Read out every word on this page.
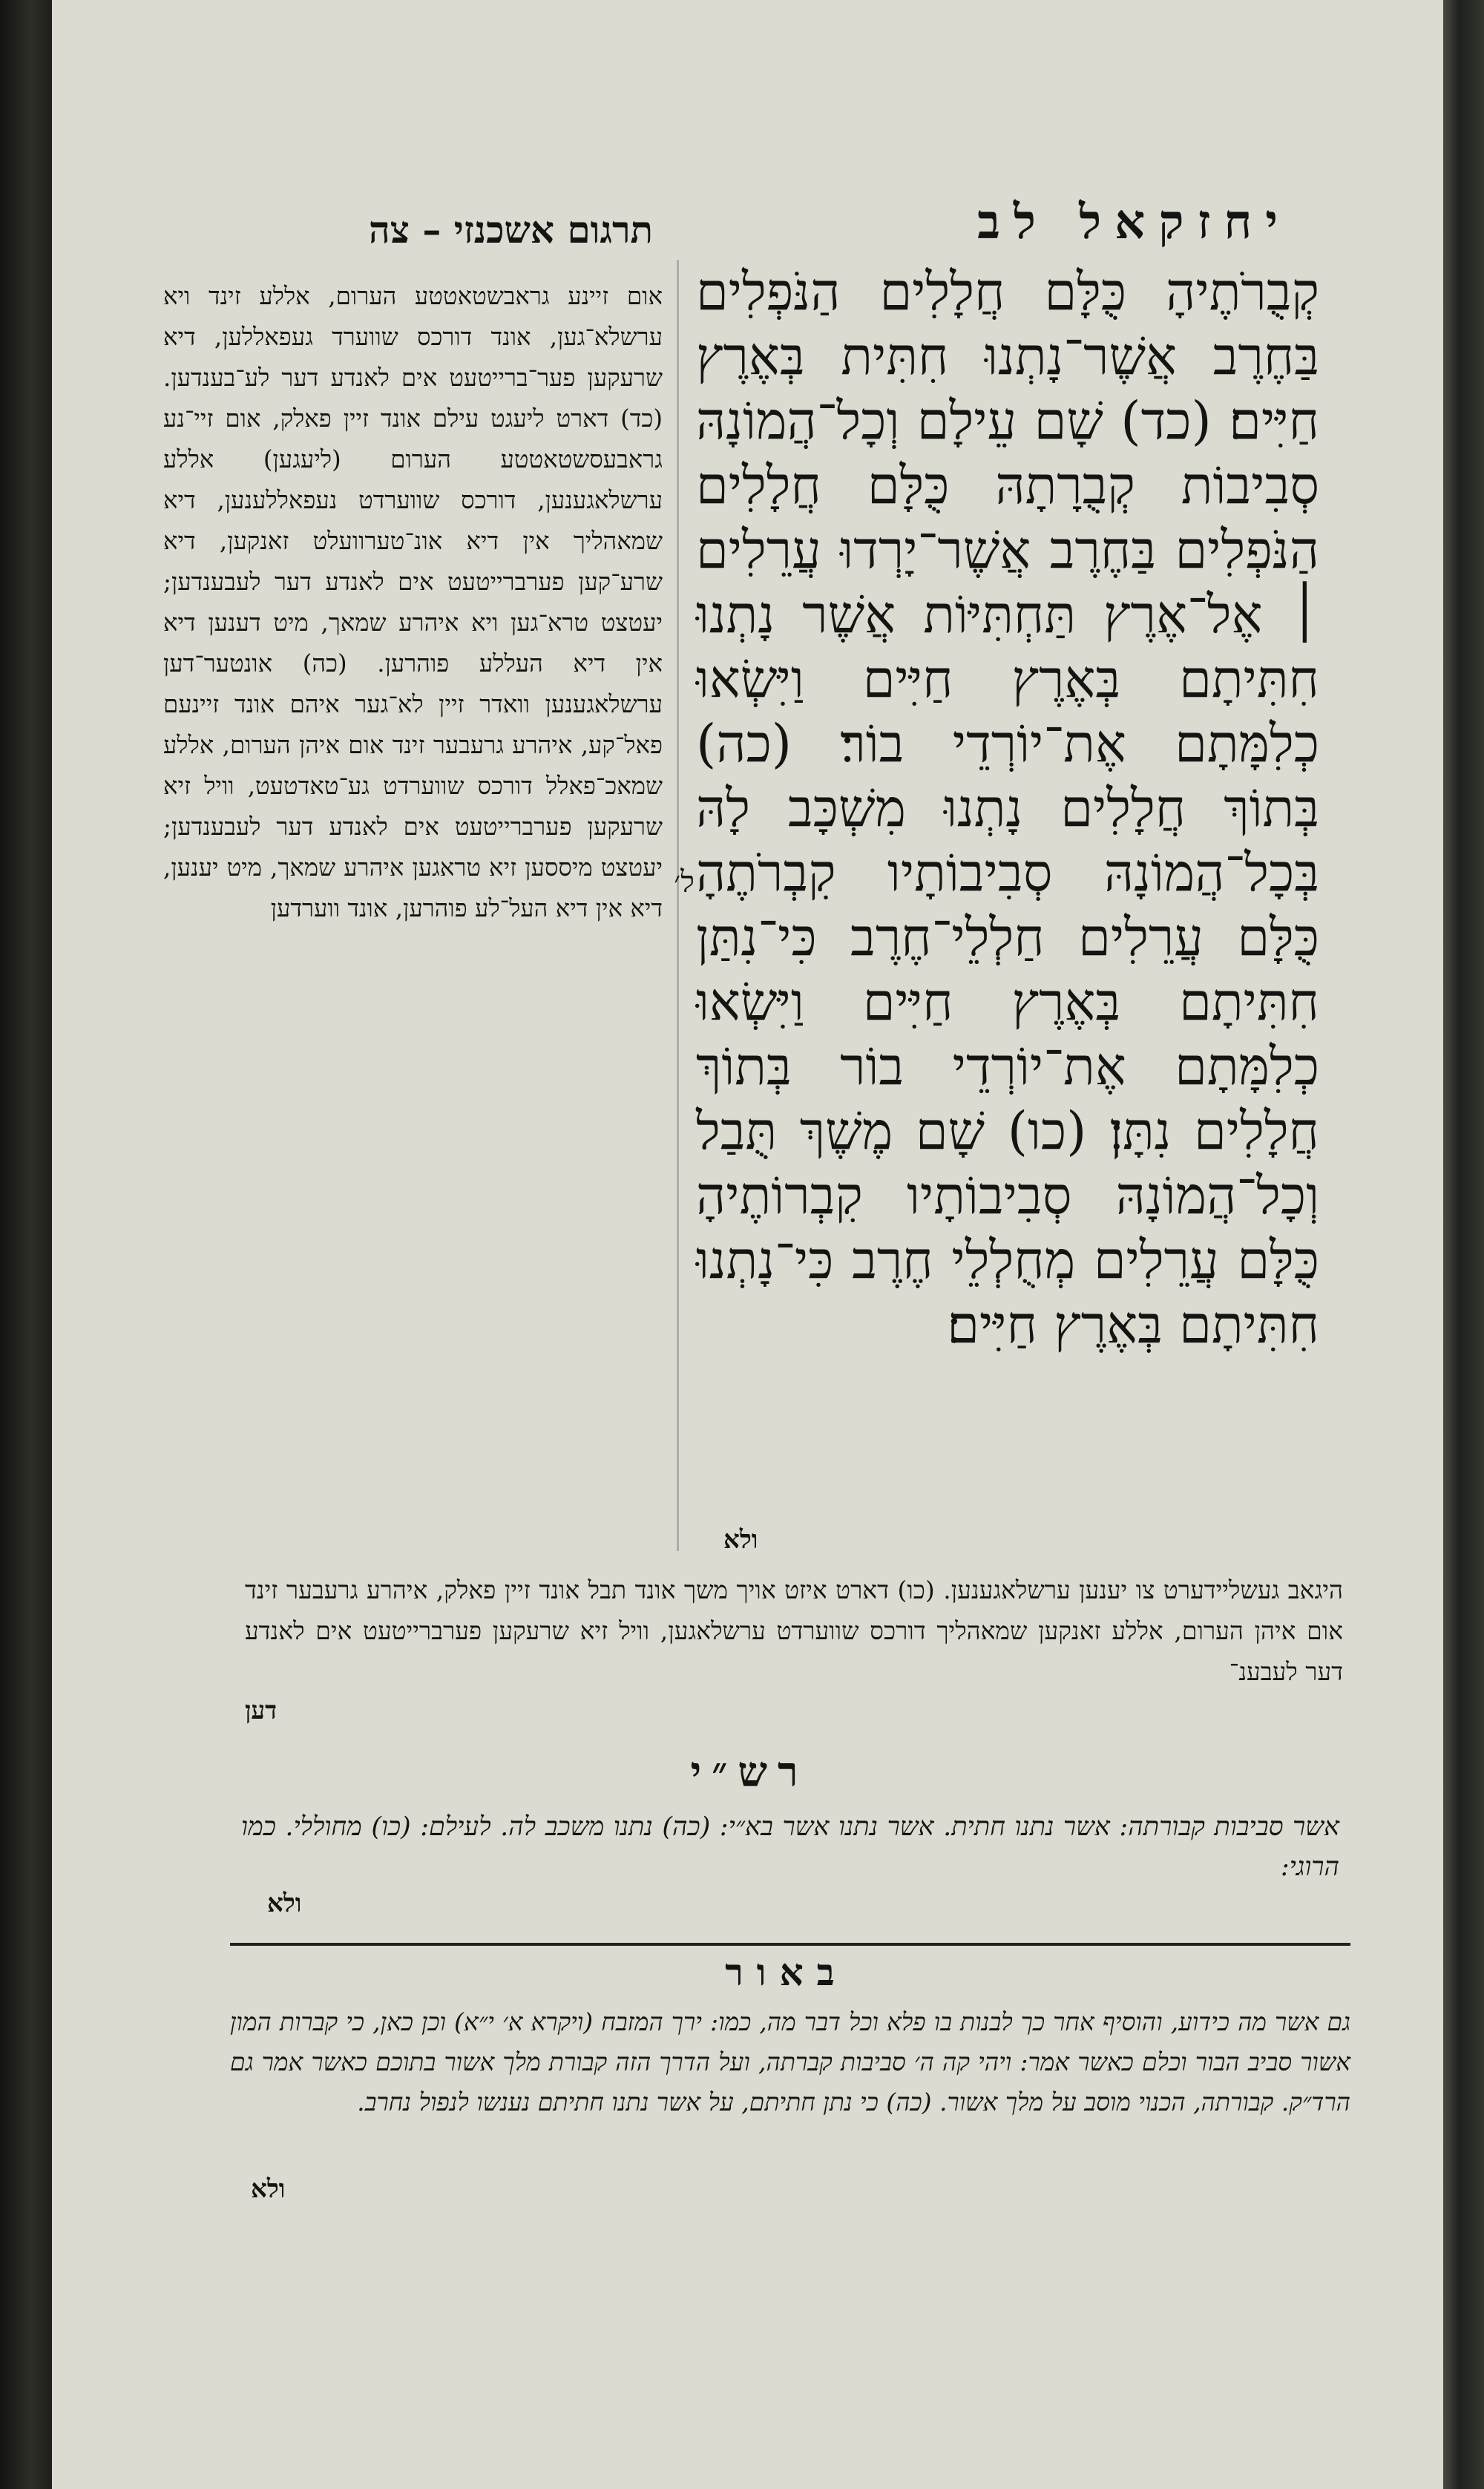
יחזקאל לב
תרגום אשכנזי – צה
קְבֻרֹתֶיהָ כֻּלָּם חֲלָלִים הַנֹּפְלִים בַּחֶרֶב אֲשֶׁר־נָתְנוּ חִתִּית בְּאֶרֶץ חַיִּים׃ (כד) שָׁם עֵילָם וְכָל־הֲמוֹנָהּ סְבִיבוֹת קְבֻרָתָהּ כֻּלָּם חֲלָלִים הַנֹּפְלִים בַּחֶרֶב אֲשֶׁר־יָרְדוּ עֲרֵלִים ׀ אֶל־אֶרֶץ תַּחְתִּיּוֹת אֲשֶׁר נָתְנוּ חִתִּיתָם בְּאֶרֶץ חַיִּים וַיִּשְׂאוּ כְלִמָּתָם אֶת־יוֹרְדֵי בוֹר׃ (כה) בְּתוֹךְ חֲלָלִים נָתְנוּ מִשְׁכָּב לָהּ בְּכָל־הֲמוֹנָהּ סְבִיבוֹתָיו קִבְרֹתֶהָ כֻּלָּם עֲרֵלִים חַלְלֵי־חֶרֶב כִּי־נִתַּן חִתִּיתָם בְּאֶרֶץ חַיִּים וַיִּשְׂאוּ כְלִמָּתָם אֶת־יוֹרְדֵי בוֹר בְּתוֹךְ חֲלָלִים נִתָּן׃ (כו) שָׁם מֶשֶׁךְ תֻּבַל וְכָל־הֲמוֹנָהּ סְבִיבוֹתָיו קִבְרוֹתֶיהָ כֻּלָּם עֲרֵלִים מְחֻלְלֵי חֶרֶב כִּי־נָתְנוּ חִתִּיתָם בְּאֶרֶץ חַיִּים׃
ל׳
ולא
אום זיינע גראבשטאטטע הערום, אללע זינד ויא ערשלא־גען, אונד דורכס שווערד געפאללען, דיא שרעקען פער־ברייטעט אים לאנדע דער לע־בענדען. (כד) דארט ליעגט עילם אונד זיין פאלק, אום זיי־נע גראבעסשטאטטע הערום (ליעגען) אללע ערשלאגענען, דורכס שווערדט נעפאללענען, דיא שמאהליך אין דיא אונ־טערוועלט זאנקען, דיא שרע־קען פערברייטעט אים לאנדע דער לעבענדען; יעטצט טרא־גען ויא איהרע שמאך, מיט דענען דיא אין דיא העללע פוהרען. (כה) אונטער־דען ערשלאגענען וואדר זיין לא־גער איהם אונד זיינעם פאל־קע, איהרע גרעבער זינד אום איהן הערום, אללע שמאכ־פאלל דורכס שווערדט גע־טאדטעט, וויל זיא שרעקען פערברייטעט אים לאנדע דער לעבענדען; יעטצט מיססען זיא טראגען איהרע שמאך, מיט יענען, דיא אין דיא העל־לע פוהרען, אונד ווערדען
היגאב געשליידערט צו יענען ערשלאגענען. (כו) דארט איזט אויך משך אונד תבל אונד זיין פאלק, איהרע גרעבער זינד אום איהן הערום, אללע זאנקען שמאהליך דורכס שווערדט ערשלאגען, וויל זיא שרעקען פערברייטעט אים לאנדע דער לעבענ־
דען
רש״י
אשר סביבות קבורתה: אשר נתנו חתית. אשר נתנו אשר בא״י: (כה) נתנו משכב לה. לעילם: (כו) מחוללי. כמו הרוגי:
ולא
באור
גם אשר מה כידוע, והוסיף אחר כך לבנות בו פלא וכל דבר מה, כמו: ירך המזבח (ויקרא א׳ י״א) וכן כאן, כי קברות המון אשור סביב הבור וכלם כאשר אמר: ויהי קה ה׳ סביבות קברתה, ועל הדרך הזה קבורת מלך אשור בתוכם כאשר אמר גם הרד״ק. קבורתה, הכנוי מוסב על מלך אשור. (כה) כי נתן חתיתם, על אשר נתנו חתיתם נענשו לנפול נחרב.
ולא
